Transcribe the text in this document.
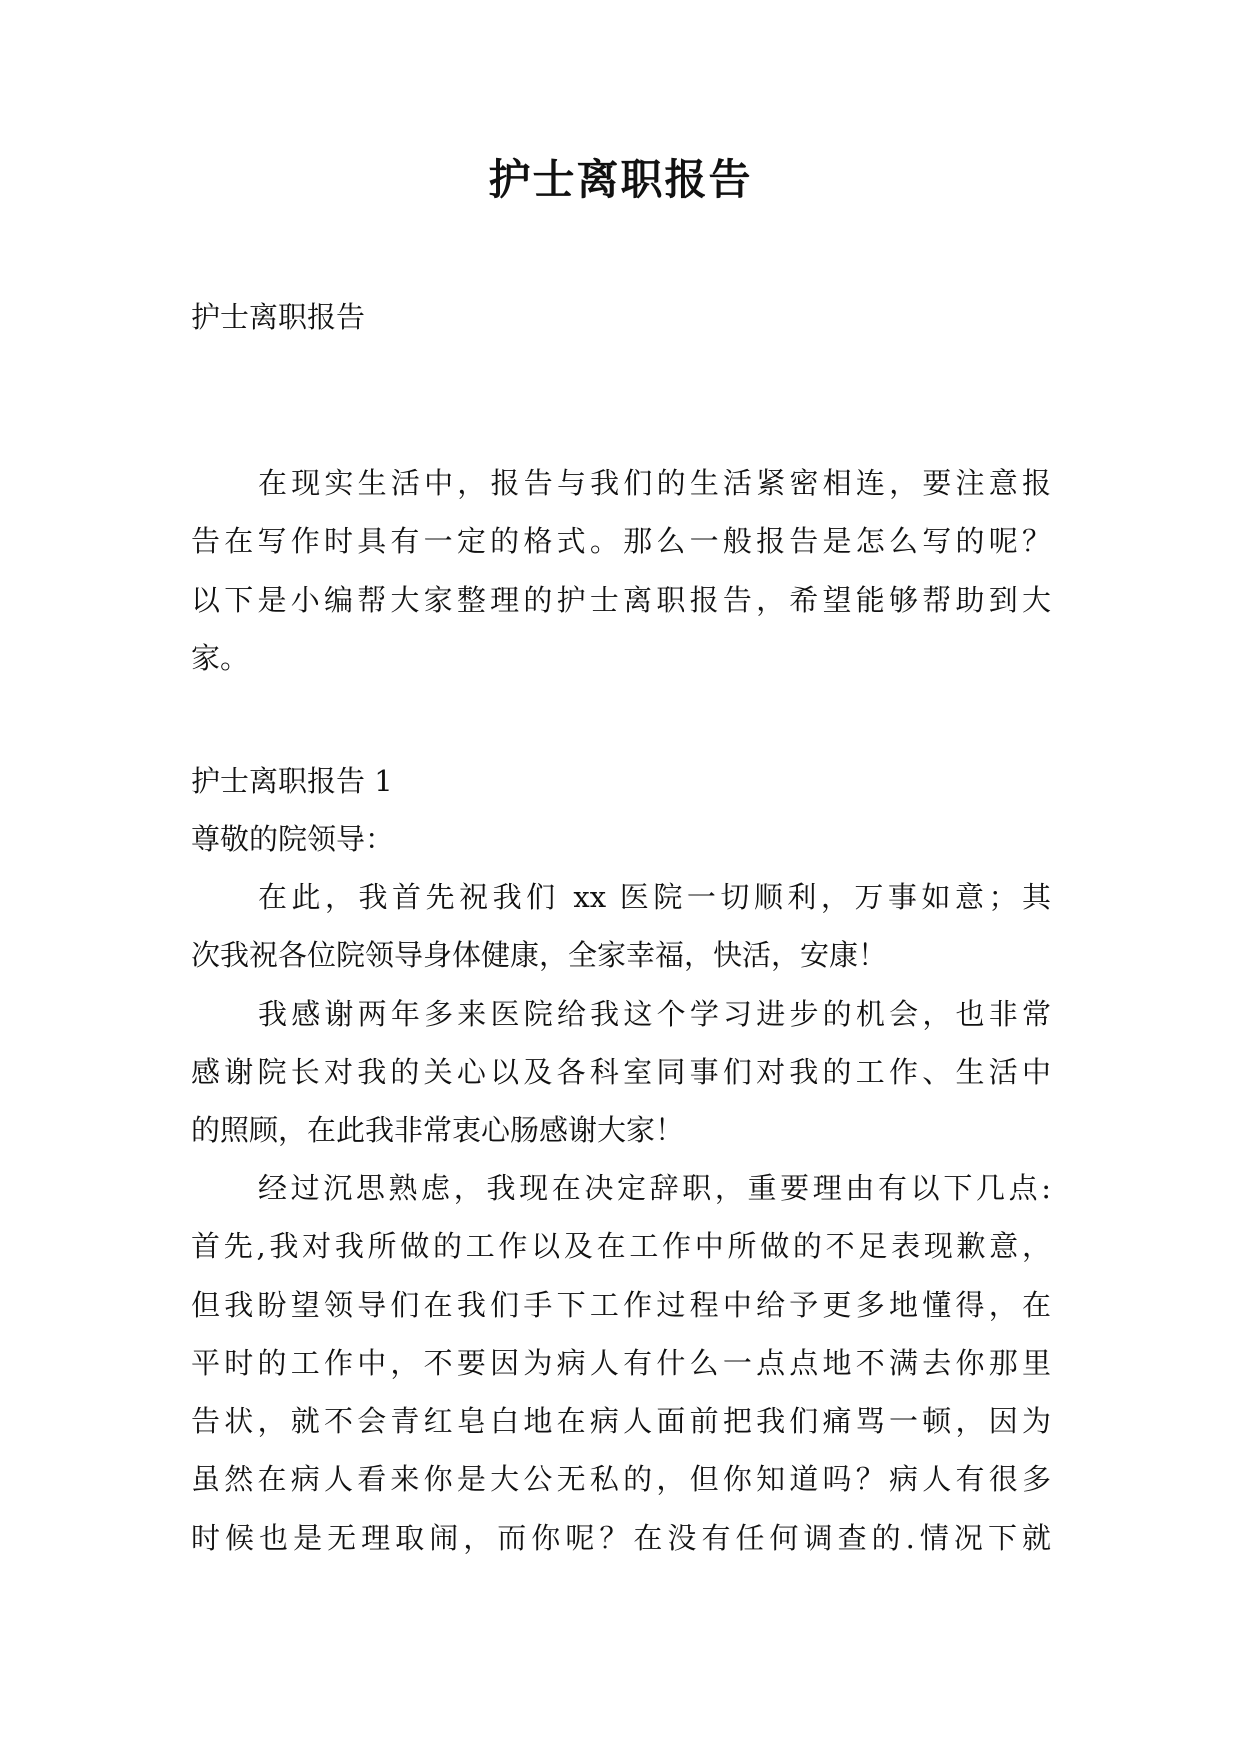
护士离职报告

护士离职报告

在现实生活中，报告与我们的生活紧密相连，要注意报

告在写作时具有一定的格式。那么一般报告是怎么写的呢？

以下是小编帮大家整理的护士离职报告，希望能够帮助到大

家。

护士离职报告 1

尊敬的院领导：

在此，我首先祝我们 xx 医院一切顺利，万事如意；其

次我祝各位院领导身体健康，全家幸福，快活，安康！

我感谢两年多来医院给我这个学习进步的机会，也非常

感谢院长对我的关心以及各科室同事们对我的工作、生活中

的照顾，在此我非常衷心肠感谢大家！

经过沉思熟虑，我现在决定辞职，重要理由有以下几点:

首先,我对我所做的工作以及在工作中所做的不足表现歉意，

但我盼望领导们在我们手下工作过程中给予更多地懂得，在

平时的工作中，不要因为病人有什么一点点地不满去你那里

告状，就不会青红皂白地在病人面前把我们痛骂一顿，因为

虽然在病人看来你是大公无私的，但你知道吗？病人有很多

时候也是无理取闹，而你呢？在没有任何调查的.情况下就
